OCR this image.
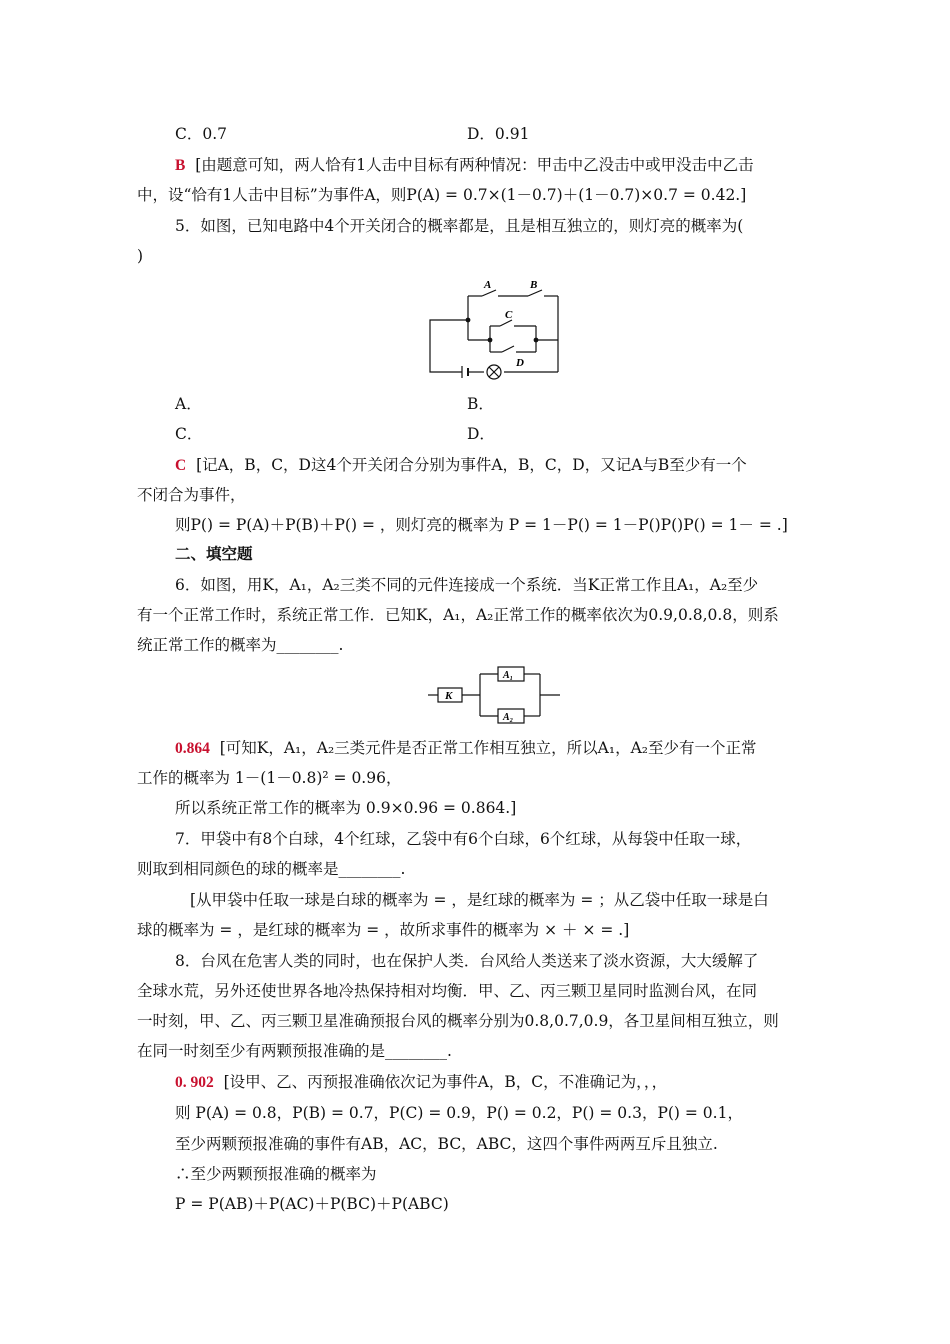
C．0.7	D．0.91
B [由题意可知，两人恰有1人击中目标有两种情况：甲击中乙没击中或甲没击中乙击
中，设“恰有1人击中目标”为事件A，则P(A) = 0.7×(1－0.7)＋(1－0.7)×0.7 = 0.42.]
5．如图，已知电路中4个开关闭合的概率都是，且是相互独立的，则灯亮的概率为(
)
A	B
C
D
A．	B．
C．	D．
C [记A，B，C，D这4个开关闭合分别为事件A，B，C，D，又记A与B至少有一个
不闭合为事件，
则P() = P(A)＋P(B)＋P() = ，则灯亮的概率为 P = 1－P() = 1－P()P()P() = 1－ = .]
二、填空题
6．如图，用K，A₁，A₂三类不同的元件连接成一个系统．当K正常工作且A₁，A₂至少
有一个正常工作时，系统正常工作．已知K，A₁，A₂正常工作的概率依次为0.9,0.8,0.8，则系
统正常工作的概率为________.
K
A₁
A₂
0.864 [可知K，A₁，A₂三类元件是否正常工作相互独立，所以A₁，A₂至少有一个正常
工作的概率为 1－(1－0.8)² = 0.96，
所以系统正常工作的概率为 0.9×0.96 = 0.864.]
7．甲袋中有8个白球，4个红球，乙袋中有6个白球，6个红球，从每袋中任取一球，
则取到相同颜色的球的概率是________.
[从甲袋中任取一球是白球的概率为 = ，是红球的概率为 = ；从乙袋中任取一球是白
球的概率为 = ，是红球的概率为 = ，故所求事件的概率为 × ＋ × = .]
8．台风在危害人类的同时，也在保护人类．台风给人类送来了淡水资源，大大缓解了
全球水荒，另外还使世界各地冷热保持相对均衡．甲、乙、丙三颗卫星同时监测台风，在同
一时刻，甲、乙、丙三颗卫星准确预报台风的概率分别为0.8,0.7,0.9，各卫星间相互独立，则
在同一时刻至少有两颗预报准确的是________.
0. 902 [设甲、乙、丙预报准确依次记为事件A，B，C，不准确记为，，，
则 P(A) = 0.8，P(B) = 0.7，P(C) = 0.9，P() = 0.2，P() = 0.3，P() = 0.1，
至少两颗预报准确的事件有AB，AC，BC，ABC，这四个事件两两互斥且独立.
∴至少两颗预报准确的概率为
P = P(AB)＋P(AC)＋P(BC)＋P(ABC)
